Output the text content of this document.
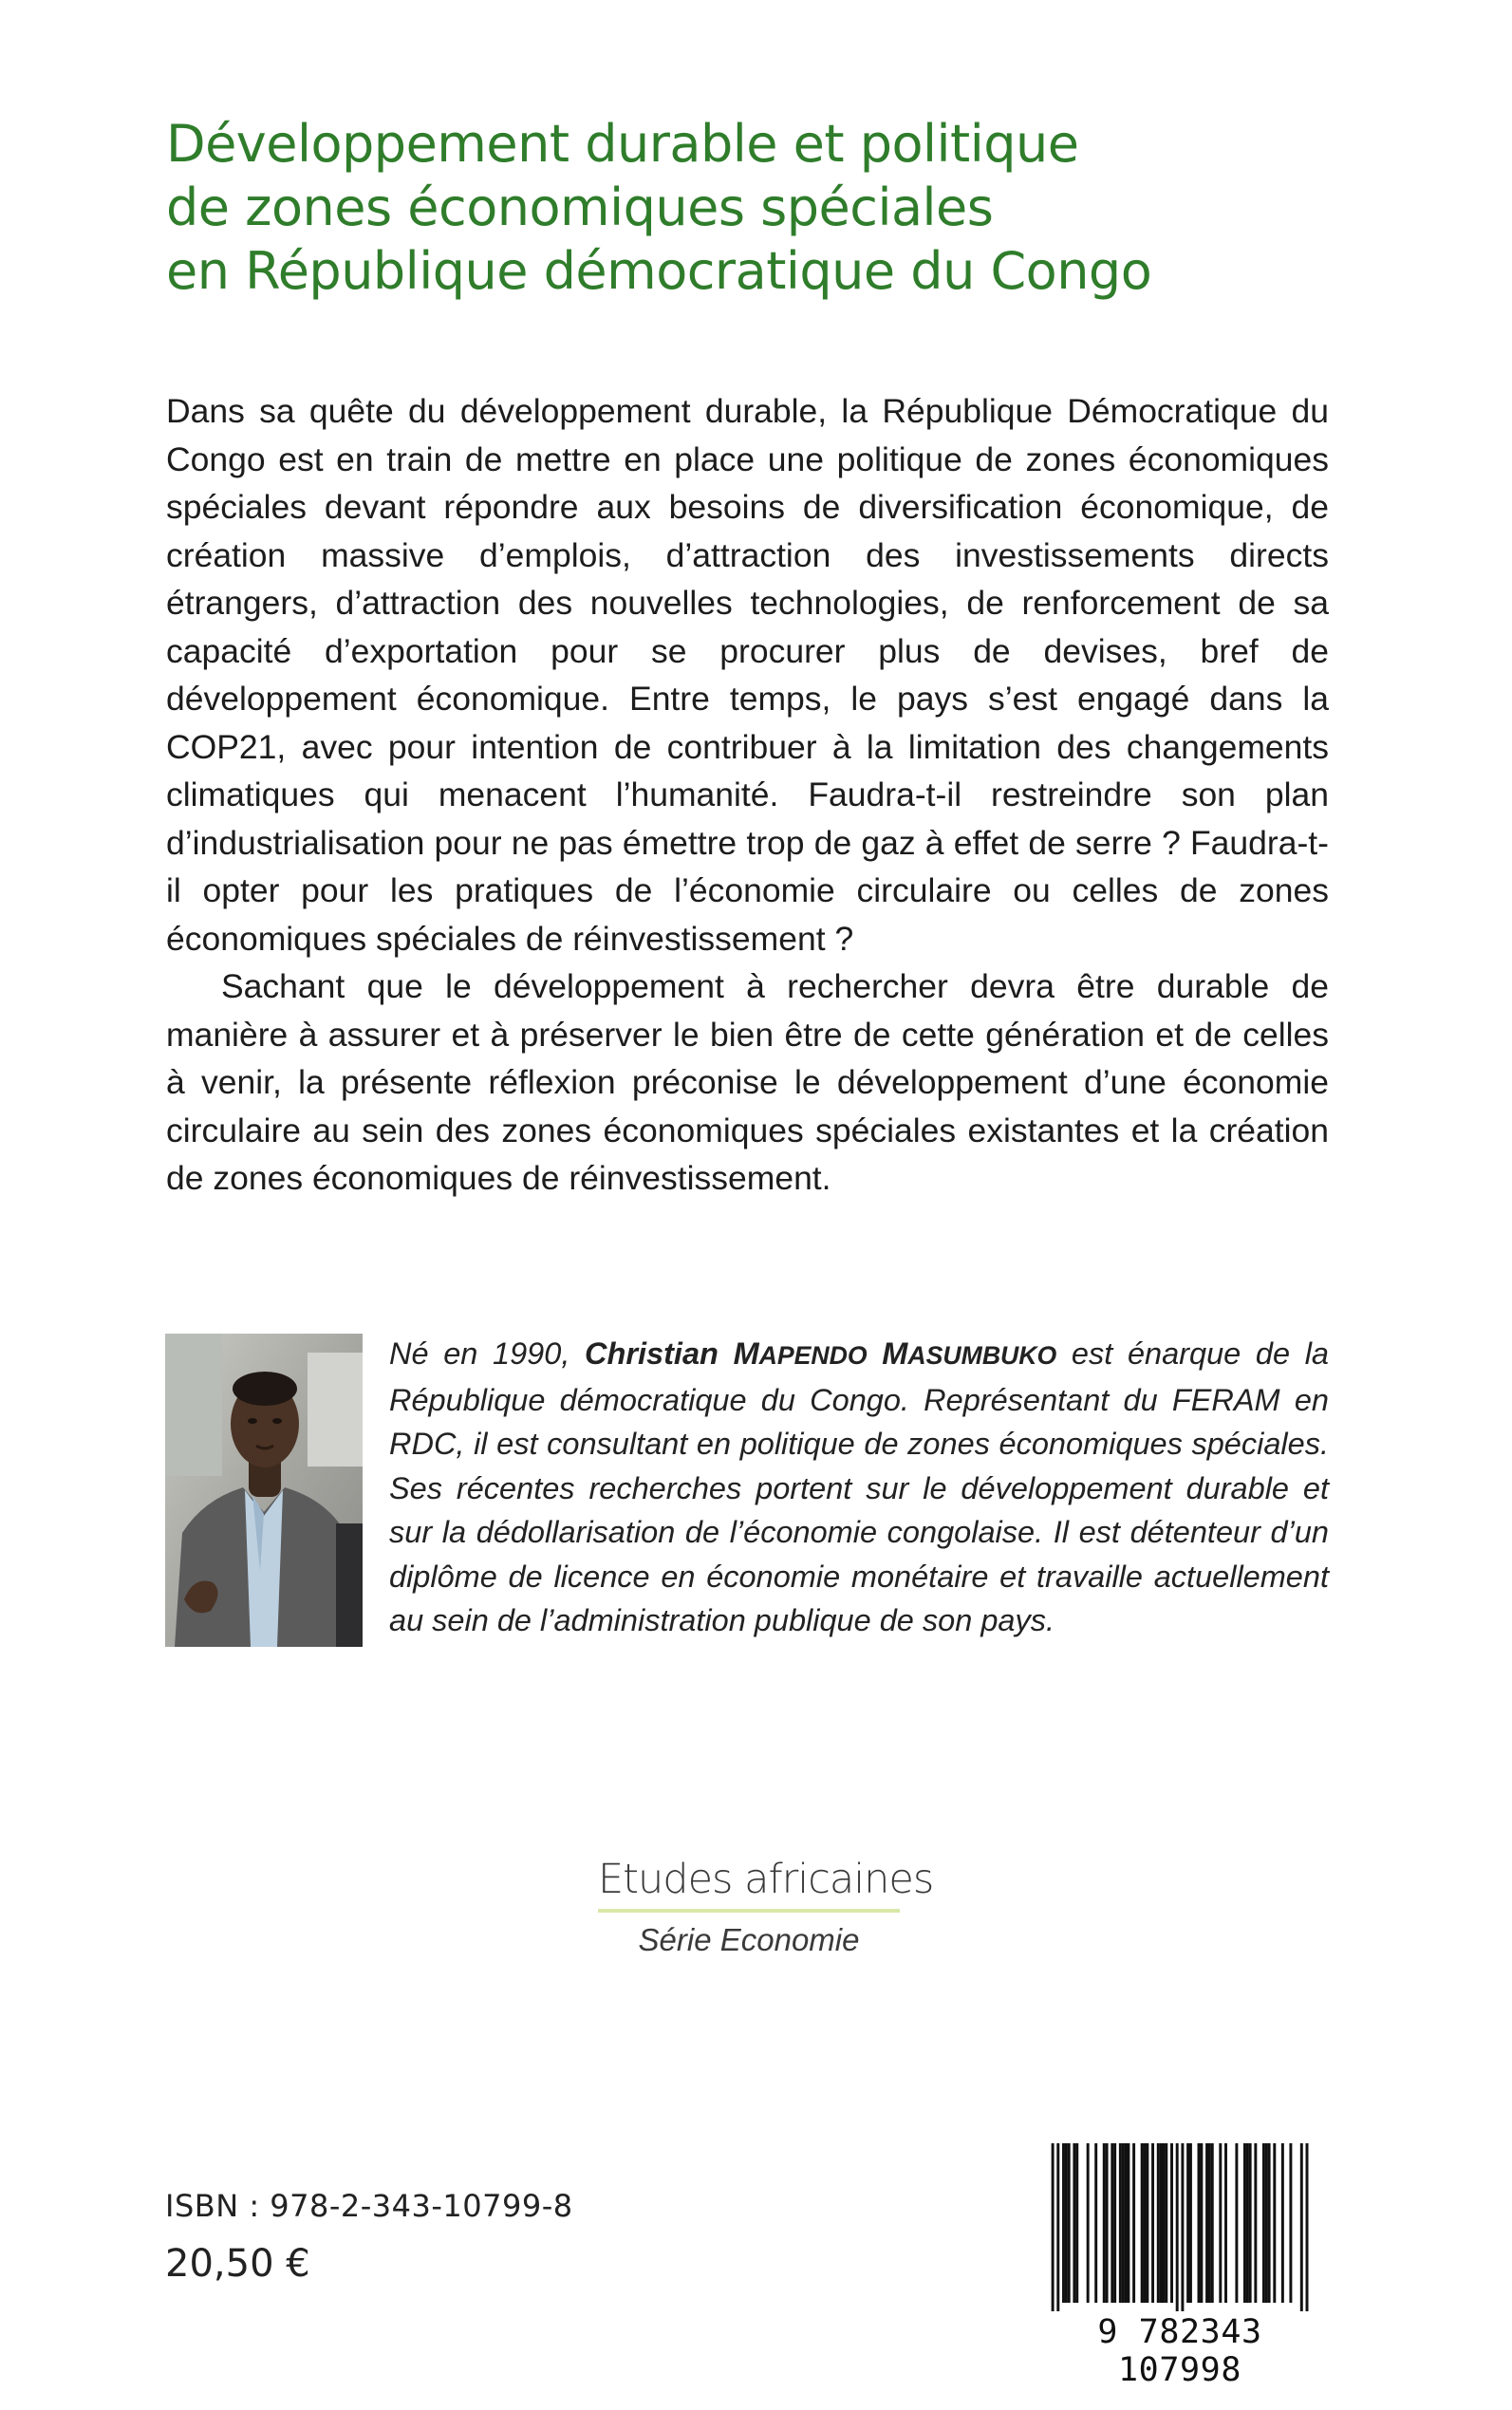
Développement durable et politique
de zones économiques spéciales
en République démocratique du Congo

Dans sa quête du développement durable, la République Démocratique du Congo est en train de mettre en place une politique de zones économiques spéciales devant répondre aux besoins de diversification économique, de création massive d’emplois, d’attraction des investissements directs étrangers, d’attraction des nouvelles technologies, de renforcement de sa capacité d’exportation pour se procurer plus de devises, bref de développement économique. Entre temps, le pays s’est engagé dans la COP21, avec pour intention de contribuer à la limitation des changements climatiques qui menacent l’humanité. Faudra-t-il restreindre son plan d’industrialisation pour ne pas émettre trop de gaz à effet de serre ? Faudra-t-il opter pour les pratiques de l’économie circulaire ou celles de zones économiques spéciales de réinvestissement ?

Sachant que le développement à rechercher devra être durable de manière à assurer et à préserver le bien être de cette génération et de celles à venir, la présente réflexion préconise le développement d’une économie circulaire au sein des zones économiques spéciales existantes et la création de zones économiques de réinvestissement.

Né en 1990, Christian MAPENDO MASUMBUKO est énarque de la République démocratique du Congo. Représentant du FERAM en RDC, il est consultant en politique de zones économiques spéciales. Ses récentes recherches portent sur le développement durable et sur la dédollarisation de l’économie congolaise. Il est détenteur d’un diplôme de licence en économie monétaire et travaille actuellement au sein de l’administration publique de son pays.

Etudes africaines
Série Economie
ISBN : 978-2-343-10799-8
20,50 €
9 782343 107998
